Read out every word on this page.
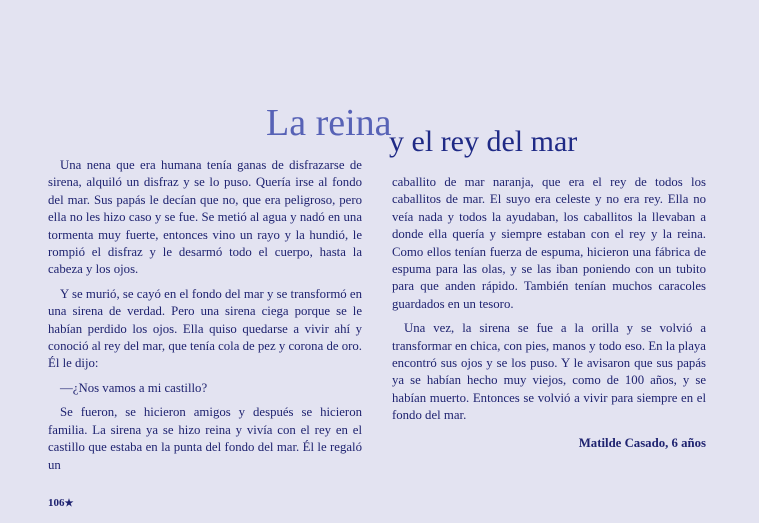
La reina
y el rey del mar

Una nena que era humana tenía ganas de disfrazarse de sirena, alquiló un disfraz y se lo puso. Quería irse al fondo del mar. Sus papás le decían que no, que era peligroso, pero ella no les hizo caso y se fue. Se metió al agua y nadó en una tormenta muy fuerte, entonces vino un rayo y la hundió, le rompió el disfraz y le desarmó todo el cuerpo, hasta la cabeza y los ojos.

Y se murió, se cayó en el fondo del mar y se transformó en una sirena de verdad. Pero una sirena ciega porque se le habían perdido los ojos. Ella quiso quedarse a vivir ahí y conoció al rey del mar, que tenía cola de pez y corona de oro. Él le dijo:

—¿Nos vamos a mi castillo?

Se fueron, se hicieron amigos y después se hicieron familia. La sirena ya se hizo reina y vivía con el rey en el castillo que estaba en la punta del fondo del mar. Él le regaló un

caballito de mar naranja, que era el rey de todos los caballitos de mar. El suyo era celeste y no era rey. Ella no veía nada y todos la ayudaban, los caballitos la llevaban a donde ella quería y siempre estaban con el rey y la reina. Como ellos tenían fuerza de espuma, hicieron una fábrica de espuma para las olas, y se las iban poniendo con un tubito para que anden rápido. También tenían muchos caracoles guardados en un tesoro.

Una vez, la sirena se fue a la orilla y se volvió a transformar en chica, con pies, manos y todo eso. En la playa encontró sus ojos y se los puso. Y le avisaron que sus papás ya se habían hecho muy viejos, como de 100 años, y se habían muerto. Entonces se volvió a vivir para siempre en el fondo del mar.

Matilde Casado, 6 años

106★
